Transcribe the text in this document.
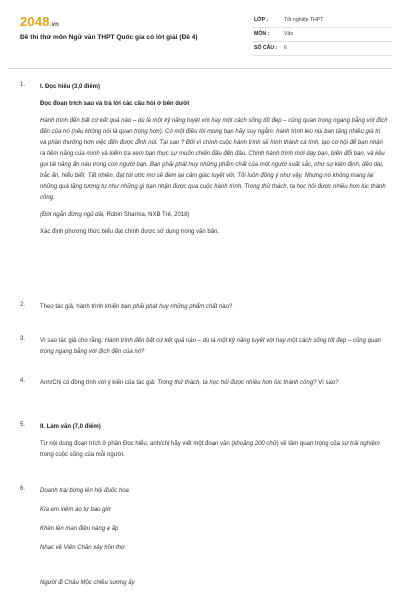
2048.vn
Đề thi thử môn Ngữ văn THPT Quốc gia có lời giải (Đề 4)
LỚP :	Tốt nghiệp THPT
MÔN :	Văn
SỐ CÂU : 6
1. I. Đọc hiểu (3,0 điểm)

Đọc đoạn trích sau và trả lời các câu hỏi ở bên dưới

Hành trình đến bất cứ kết quả nào – dù là một kỹ năng tuyệt vời hay một cách sống tốt đẹp – cũng quan trọng ngang bằng với đích đến của nó (nếu không nói là quan trọng hơn). Có một điều tôi mong bạn hãy suy ngẫm: hành trình leo núi ban tặng nhiều giá trị và phần thưởng hơn việc đến được đỉnh núi. Tại sao ? Bởi vì chính cuộc hành trình sẽ hình thành cá tính, tạo cơ hội để bạn nhận ra tiềm năng của mình và kiếm tra xem bạn thực sự muốn chiến đấu đến đâu. Chính hành trình mới dạy bạn, biến đổi bạn, và kêu gọi tài năng ẩn náu trong con người bạn. Bạn phải phát huy những phẩm chất của một người xuất sắc, như sự kiên định, dẻo dai, trắc ẩn, hiểu biết. Tất nhiên, đạt tới ước mơ sẽ đem lại cảm giác tuyệt vời. Tôi luôn đồng ý như vậy. Nhưng nó không mang lại những quà tặng tương tự như những gì bạn nhận được qua cuộc hành trình. Trong thử thách, ta học hỏi được nhiều hơn lúc thành công.

(Đời ngắn đừng ngủ dài, Robin Sharma, NXB Trẻ, 2018)

Xác định phương thức biểu đạt chính được sử dụng trong văn bản.

2. Theo tác giả, hành trình khiến bạn phải phát huy những phẩm chất nào?

3. Vì sao tác giả cho rằng: Hành trình đến bất cứ kết quả nào – dù là một kỹ năng tuyệt vời hay một cách sống tốt đẹp – cũng quan trọng ngang bằng với đích đến của nó?

4. Anh/Chị có đồng tình với ý kiến của tác giả: Trong thử thách, ta học hỏi được nhiều hơn lúc thành công? Vì sao?

5. II. Làm văn (7,0 điểm)

Từ nội dung đoạn trích ở phần Đọc hiểu, anh/chị hãy viết một đoạn văn (khoảng 200 chữ) về tầm quan trọng của sự trải nghiệm trong cuộc sống của mỗi người.

6. Doanh trại bừng lên hội đuốc hoa

Kìa em xiêm áo tự bao giờ

Khèn lên man điệu nàng e ấp

Nhạc về Viên Chăn xây hồn thơ

Người đi Châu Mộc chiều sương ấy
